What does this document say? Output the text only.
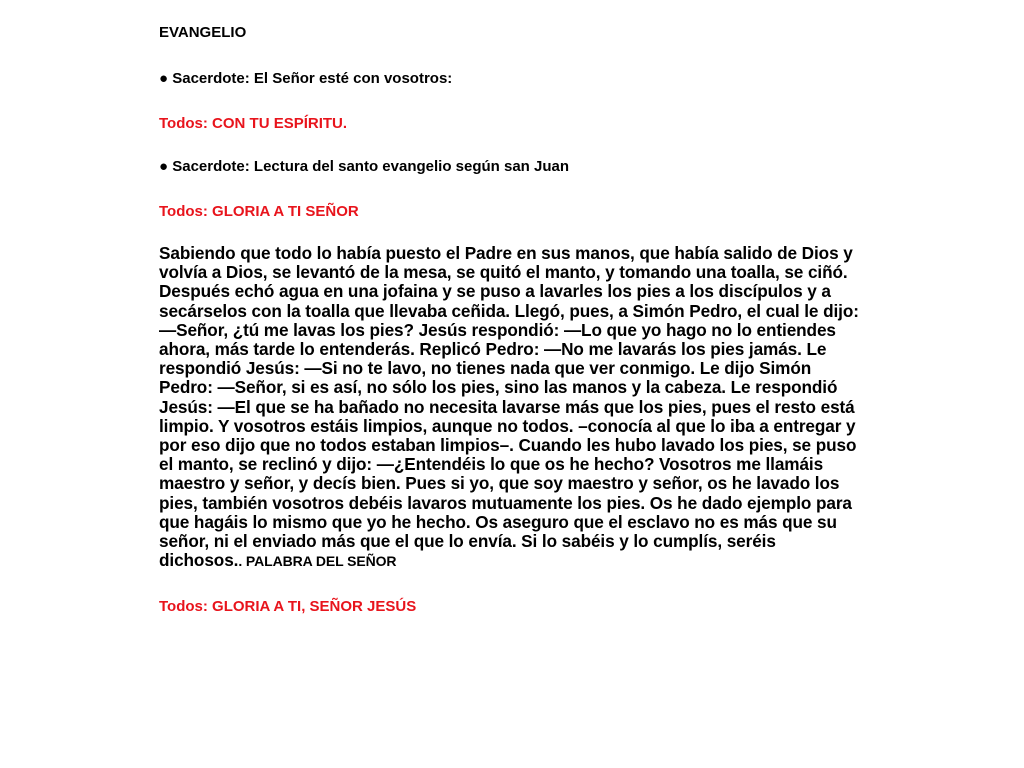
EVANGELIO

● Sacerdote: El Señor esté con vosotros:

Todos: CON TU ESPÍRITU.

● Sacerdote: Lectura del santo evangelio según san Juan

Todos: GLORIA A TI SEÑOR

Sabiendo que todo lo había puesto el Padre en sus manos, que había salido de Dios y volvía a Dios, se levantó de la mesa, se quitó el manto, y tomando una toalla, se ciñó. Después echó agua en una jofaina y se puso a lavarles los pies a los discípulos y a secárselos con la toalla que llevaba ceñida. Llegó, pues, a Simón Pedro, el cual le dijo: —Señor, ¿tú me lavas los pies? Jesús respondió: —Lo que yo hago no lo entiendes ahora, más tarde lo entenderás. Replicó Pedro: —No me lavarás los pies jamás. Le respondió Jesús: —Si no te lavo, no tienes nada que ver conmigo. Le dijo Simón Pedro: —Señor, si es así, no sólo los pies, sino las manos y la cabeza. Le respondió Jesús: —El que se ha bañado no necesita lavarse más que los pies, pues el resto está limpio. Y vosotros estáis limpios, aunque no todos. –conocía al que lo iba a entregar y por eso dijo que no todos estaban limpios–. Cuando les hubo lavado los pies, se puso el manto, se reclinó y dijo: —¿Entendéis lo que os he hecho? Vosotros me llamáis maestro y señor, y decís bien. Pues si yo, que soy maestro y señor, os he lavado los pies, también vosotros debéis lavaros mutuamente los pies. Os he dado ejemplo para que hagáis lo mismo que yo he hecho. Os aseguro que el esclavo no es más que su señor, ni el enviado más que el que lo envía. Si lo sabéis y lo cumplís, seréis dichosos.. PALABRA DEL SEÑOR

Todos: GLORIA A TI, SEÑOR JESÚS
